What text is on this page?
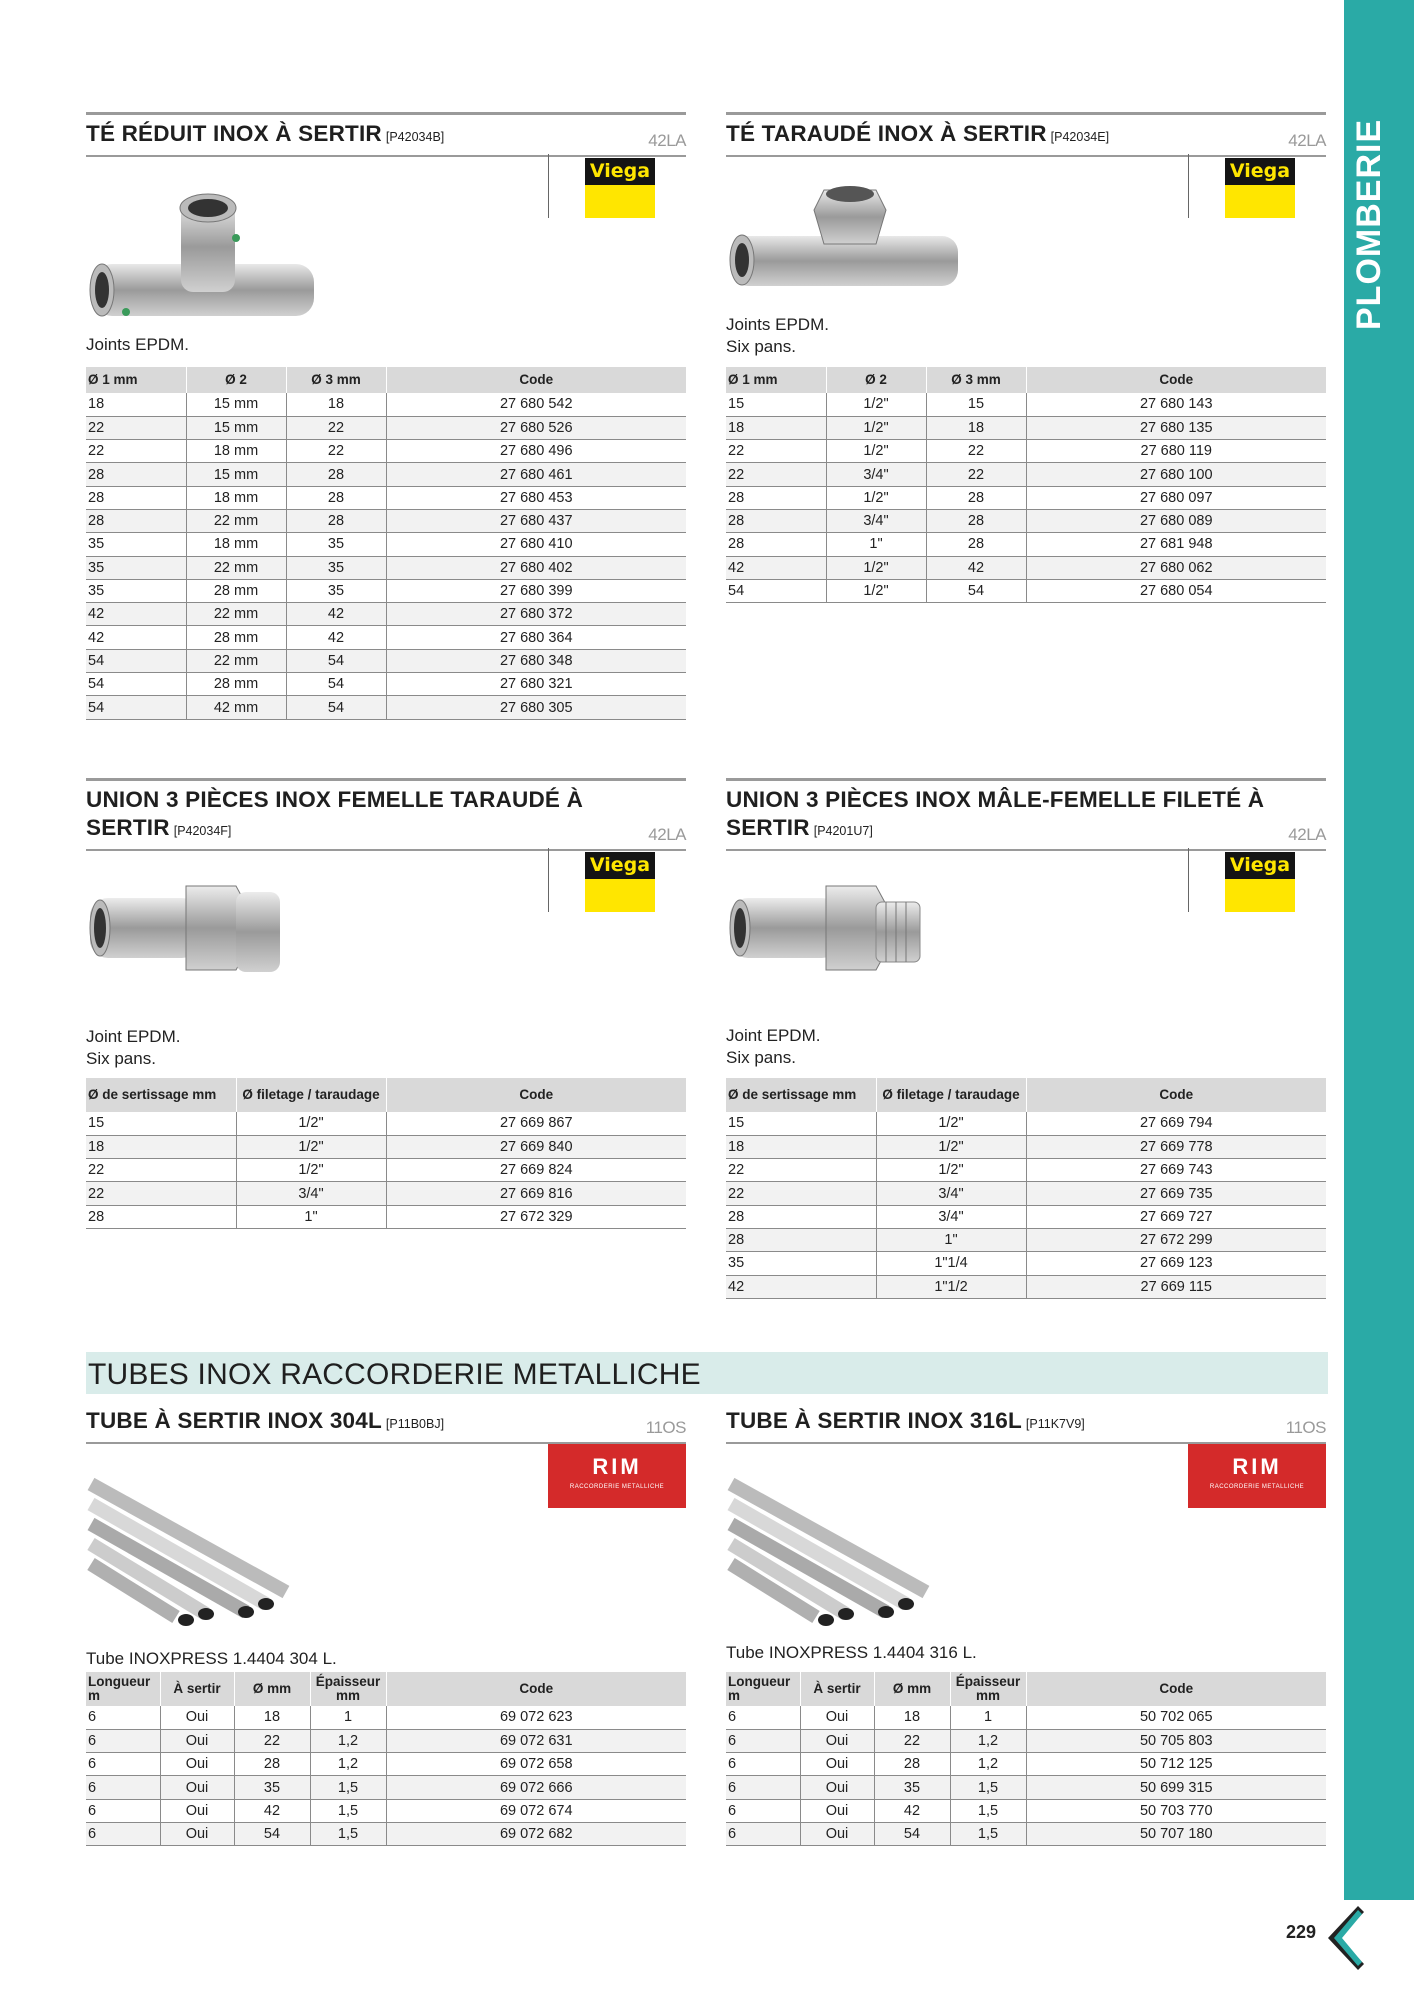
PLOMBERIE
TÉ RÉDUIT INOX À SERTIR [P42034B]	42LA
Viega
Joints EPDM.
Ø 1 mm	Ø 2	Ø 3 mm	Code
18	15 mm	18	27 680 542
22	15 mm	22	27 680 526
22	18 mm	22	27 680 496
28	15 mm	28	27 680 461
28	18 mm	28	27 680 453
28	22 mm	28	27 680 437
35	18 mm	35	27 680 410
35	22 mm	35	27 680 402
35	28 mm	35	27 680 399
42	22 mm	42	27 680 372
42	28 mm	42	27 680 364
54	22 mm	54	27 680 348
54	28 mm	54	27 680 321
54	42 mm	54	27 680 305
TÉ TARAUDÉ INOX À SERTIR [P42034E]	42LA
Viega
Joints EPDM.
Six pans.
Ø 1 mm	Ø 2	Ø 3 mm	Code
15	1/2"	15	27 680 143
18	1/2"	18	27 680 135
22	1/2"	22	27 680 119
22	3/4"	22	27 680 100
28	1/2"	28	27 680 097
28	3/4"	28	27 680 089
28	1"	28	27 681 948
42	1/2"	42	27 680 062
54	1/2"	54	27 680 054
UNION 3 PIÈCES INOX FEMELLE TARAUDÉ À SERTIR [P42034F]	42LA
Viega
Joint EPDM.
Six pans.
Ø de sertissage mm	Ø filetage / taraudage	Code
15	1/2"	27 669 867
18	1/2"	27 669 840
22	1/2"	27 669 824
22	3/4"	27 669 816
28	1"	27 672 329
UNION 3 PIÈCES INOX MÂLE-FEMELLE FILETÉ À SERTIR [P4201U7]	42LA
Viega
Joint EPDM.
Six pans.
Ø de sertissage mm	Ø filetage / taraudage	Code
15	1/2"	27 669 794
18	1/2"	27 669 778
22	1/2"	27 669 743
22	3/4"	27 669 735
28	3/4"	27 669 727
28	1"	27 672 299
35	1"1/4	27 669 123
42	1"1/2	27 669 115
TUBES INOX RACCORDERIE METALLICHE
TUBE À SERTIR INOX 304L [P11B0BJ]	11OS
RIM
RACCORDERIE METALLICHE
Tube INOXPRESS 1.4404 304 L.
Longueur m	À sertir	Ø mm	Épaisseur mm	Code
6	Oui	18	1	69 072 623
6	Oui	22	1,2	69 072 631
6	Oui	28	1,2	69 072 658
6	Oui	35	1,5	69 072 666
6	Oui	42	1,5	69 072 674
6	Oui	54	1,5	69 072 682
TUBE À SERTIR INOX 316L [P11K7V9]	11OS
RIM
RACCORDERIE METALLICHE
Tube INOXPRESS 1.4404 316 L.
Longueur m	À sertir	Ø mm	Épaisseur mm	Code
6	Oui	18	1	50 702 065
6	Oui	22	1,2	50 705 803
6	Oui	28	1,2	50 712 125
6	Oui	35	1,5	50 699 315
6	Oui	42	1,5	50 703 770
6	Oui	54	1,5	50 707 180
229
